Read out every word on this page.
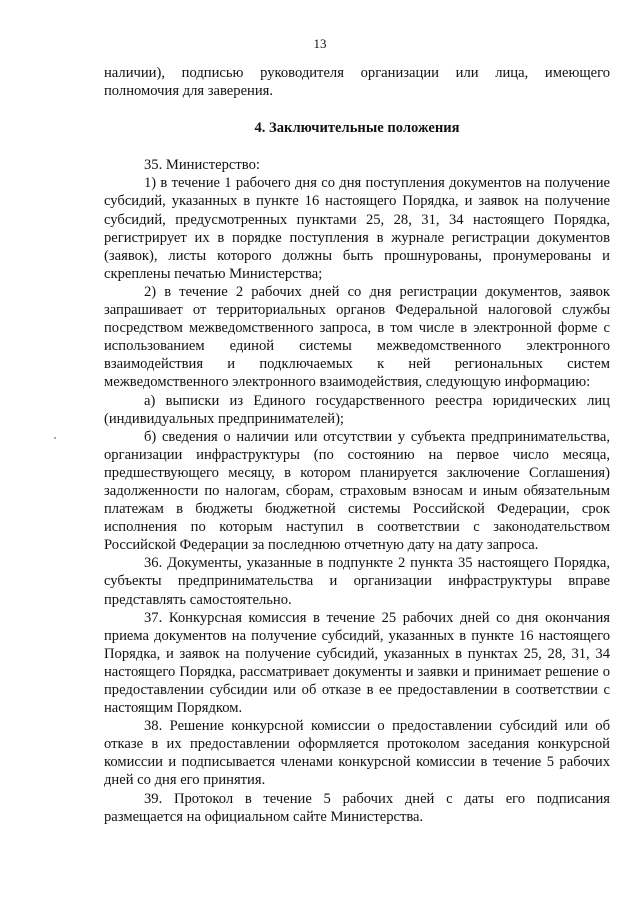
13

наличии), подписью руководителя организации или лица, имеющего полномочия для заверения.

4. Заключительные положения

35. Министерство:

1) в течение 1 рабочего дня со дня поступления документов на получение субсидий, указанных в пункте 16 настоящего Порядка, и заявок на получение субсидий, предусмотренных пунктами 25, 28, 31, 34 настоящего Порядка, регистрирует их в порядке поступления в журнале регистрации документов (заявок), листы которого должны быть прошнурованы, пронумерованы и скреплены печатью Министерства;

2) в течение 2 рабочих дней со дня регистрации документов, заявок запрашивает от территориальных органов Федеральной налоговой службы посредством межведомственного запроса, в том числе в электронной форме с использованием единой системы межведомственного электронного взаимодействия и подключаемых к ней региональных систем межведомственного электронного взаимодействия, следующую информацию:

а) выписки из Единого государственного реестра юридических лиц (индивидуальных предпринимателей);

б) сведения о наличии или отсутствии у субъекта предпринимательства, организации инфраструктуры (по состоянию на первое число месяца, предшествующего месяцу, в котором планируется заключение Соглашения) задолженности по налогам, сборам, страховым взносам и иным обязательным платежам в бюджеты бюджетной системы Российской Федерации, срок исполнения по которым наступил в соответствии с законодательством Российской Федерации за последнюю отчетную дату на дату запроса.

36. Документы, указанные в подпункте 2 пункта 35 настоящего Порядка, субъекты предпринимательства и организации инфраструктуры вправе представлять самостоятельно.

37. Конкурсная комиссия в течение 25 рабочих дней со дня окончания приема документов на получение субсидий, указанных в пункте 16 настоящего Порядка, и заявок на получение субсидий, указанных в пунктах 25, 28, 31, 34 настоящего Порядка, рассматривает документы и заявки и принимает решение о предоставлении субсидии или об отказе в ее предоставлении в соответствии с настоящим Порядком.

38. Решение конкурсной комиссии о предоставлении субсидий или об отказе в их предоставлении оформляется протоколом заседания конкурсной комиссии и подписывается членами конкурсной комиссии в течение 5 рабочих дней со дня его принятия.

39. Протокол в течение 5 рабочих дней с даты его подписания размещается на официальном сайте Министерства.
